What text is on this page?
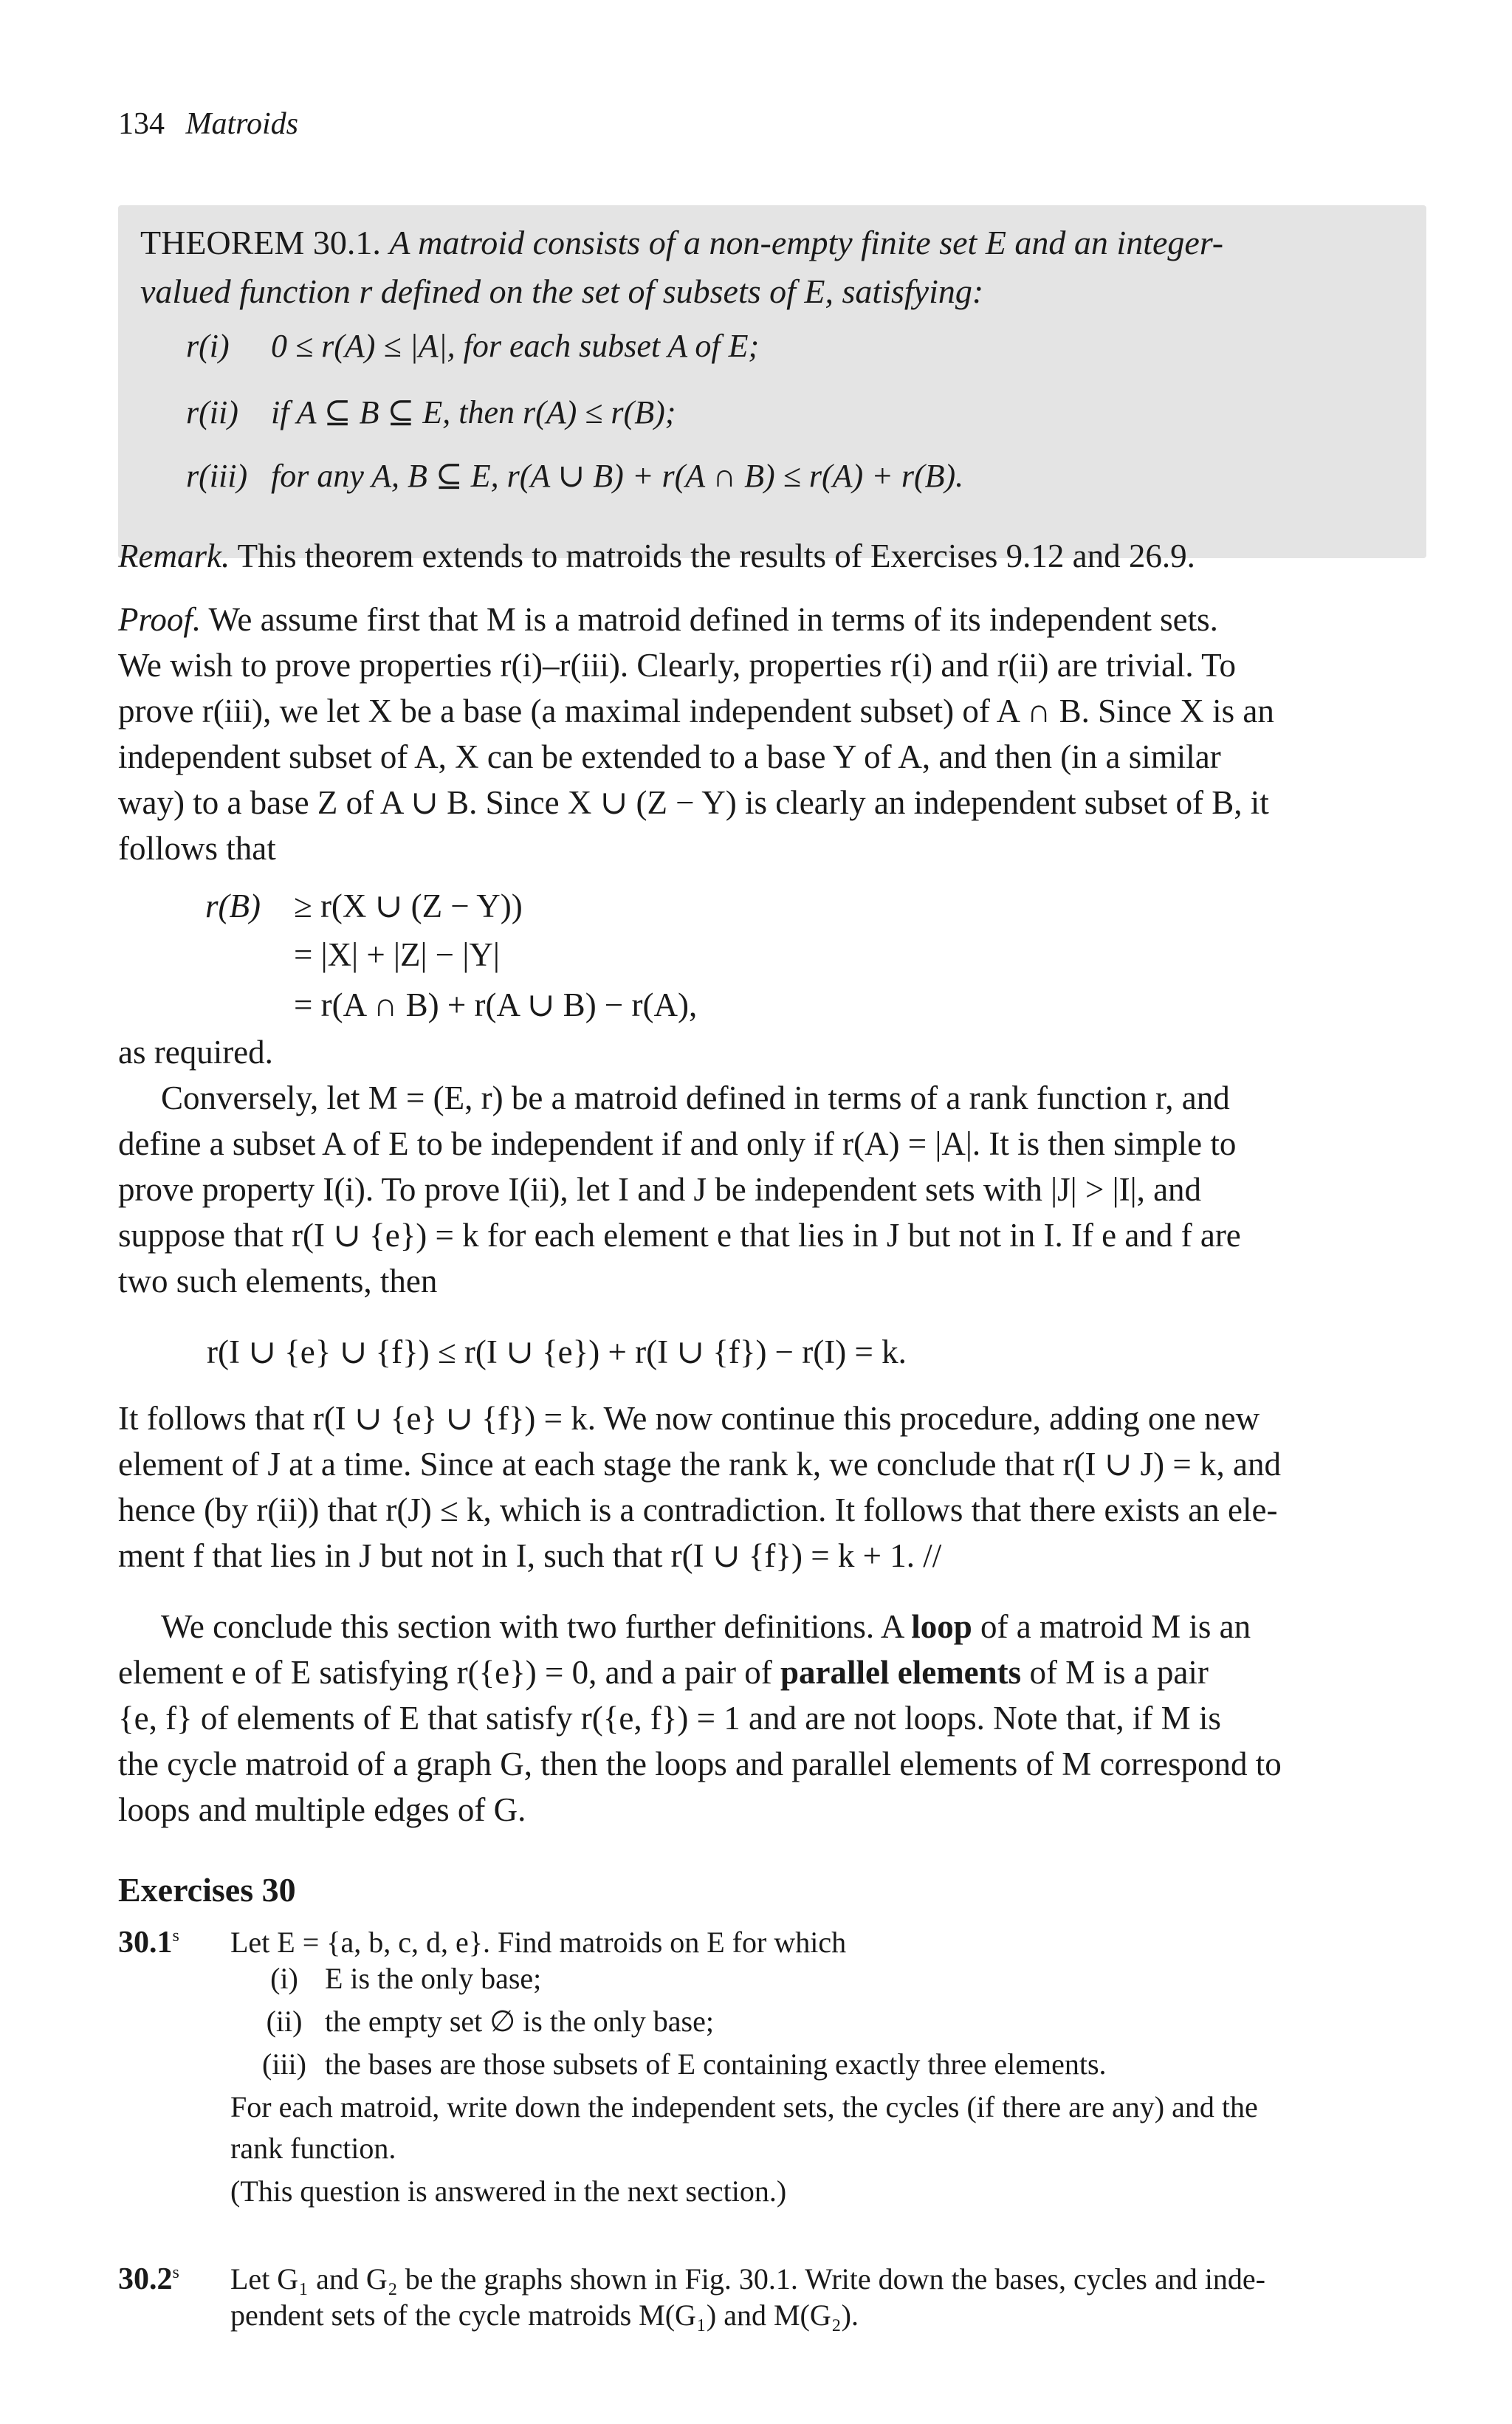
134 Matroids
THEOREM 30.1. A matroid consists of a non-empty finite set E and an integer-
valued function r defined on the set of subsets of E, satisfying:
r(i) 0 ≤ r(A) ≤ |A|, for each subset A of E;
r(ii) if A ⊆ B ⊆ E, then r(A) ≤ r(B);
r(iii) for any A, B ⊆ E, r(A ∪ B) + r(A ∩ B) ≤ r(A) + r(B).
Remark. This theorem extends to matroids the results of Exercises 9.12 and 26.9.
Proof. We assume first that M is a matroid defined in terms of its independent sets.
We wish to prove properties r(i)–r(iii). Clearly, properties r(i) and r(ii) are trivial. To
prove r(iii), we let X be a base (a maximal independent subset) of A ∩ B. Since X is an
independent subset of A, X can be extended to a base Y of A, and then (in a similar
way) to a base Z of A ∪ B. Since X ∪ (Z − Y) is clearly an independent subset of B, it
follows that
r(B) ≥ r(X ∪ (Z − Y))
= |X| + |Z| − |Y|
= r(A ∩ B) + r(A ∪ B) − r(A),
as required.
Conversely, let M = (E, r) be a matroid defined in terms of a rank function r, and
define a subset A of E to be independent if and only if r(A) = |A|. It is then simple to
prove property I(i). To prove I(ii), let I and J be independent sets with |J| > |I|, and
suppose that r(I ∪ {e}) = k for each element e that lies in J but not in I. If e and f are
two such elements, then
r(I ∪ {e} ∪ {f}) ≤ r(I ∪ {e}) + r(I ∪ {f}) − r(I) = k.
It follows that r(I ∪ {e} ∪ {f}) = k. We now continue this procedure, adding one new
element of J at a time. Since at each stage the rank k, we conclude that r(I ∪ J) = k, and
hence (by r(ii)) that r(J) ≤ k, which is a contradiction. It follows that there exists an ele-
ment f that lies in J but not in I, such that r(I ∪ {f}) = k + 1. //
We conclude this section with two further definitions. A loop of a matroid M is an
element e of E satisfying r({e}) = 0, and a pair of parallel elements of M is a pair
{e, f} of elements of E that satisfy r({e, f}) = 1 and are not loops. Note that, if M is
the cycle matroid of a graph G, then the loops and parallel elements of M correspond to
loops and multiple edges of G.
Exercises 30
30.1$^s$ Let E = {a, b, c, d, e}. Find matroids on E for which
(i) E is the only base;
(ii) the empty set ∅ is the only base;
(iii) the bases are those subsets of E containing exactly three elements.
For each matroid, write down the independent sets, the cycles (if there are any) and the
rank function.
(This question is answered in the next section.)
30.2$^s$ Let G₁ and G₂ be the graphs shown in Fig. 30.1. Write down the bases, cycles and inde-
pendent sets of the cycle matroids M(G₁) and M(G₂).
